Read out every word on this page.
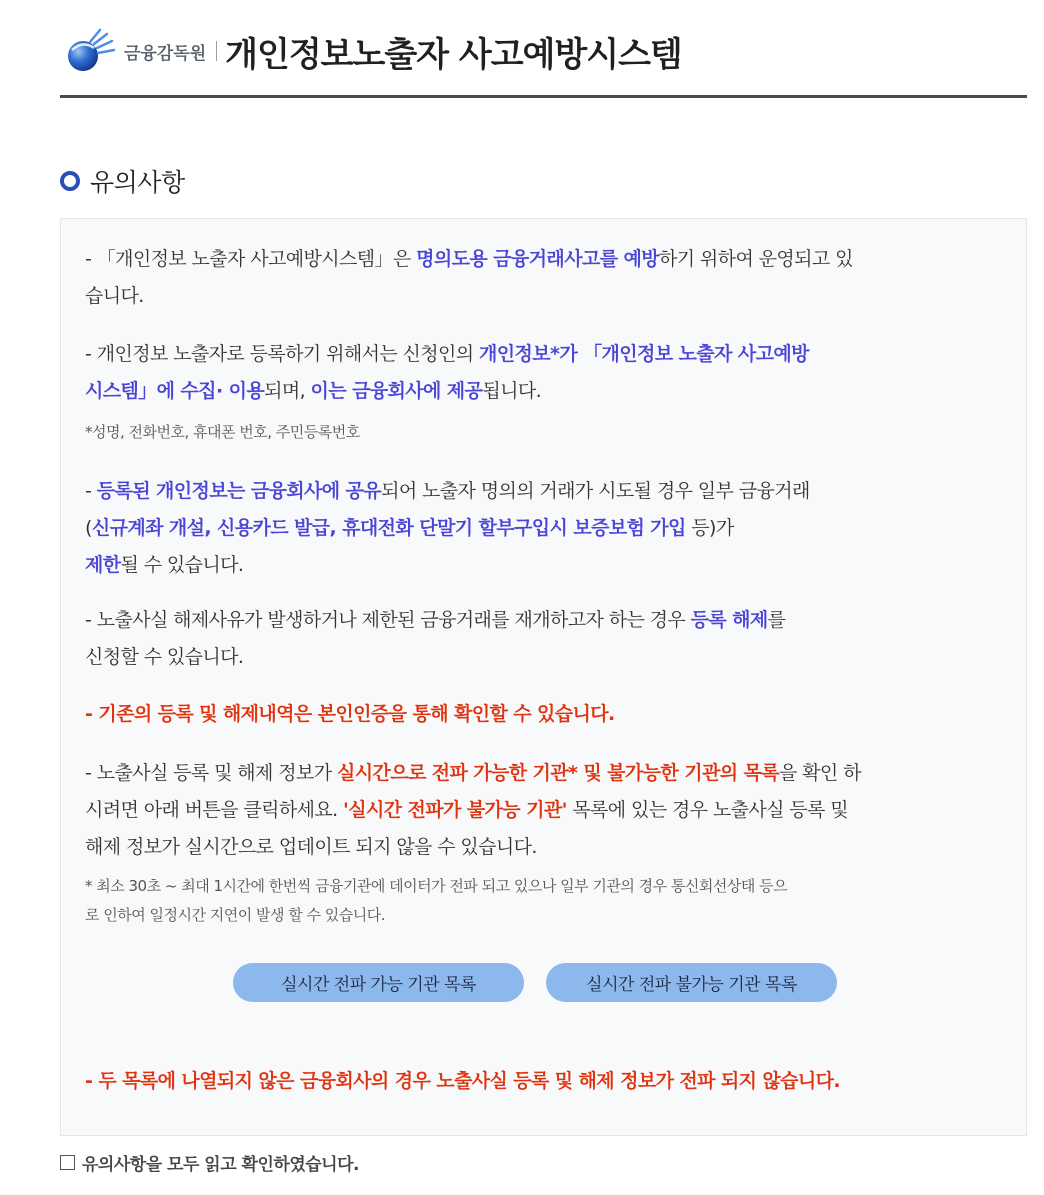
금융감독원 개인정보노출자 사고예방시스템
유의사항
- 「개인정보 노출자 사고예방시스템」은 명의도용 금융거래사고를 예방하기 위하여 운영되고 있
습니다.
- 개인정보 노출자로 등록하기 위해서는 신청인의 개인정보*가 「개인정보 노출자 사고예방
시스템」에 수집· 이용되며, 이는 금융회사에 제공됩니다.
*성명, 전화번호, 휴대폰 번호, 주민등록번호
- 등록된 개인정보는 금융회사에 공유되어 노출자 명의의 거래가 시도될 경우 일부 금융거래
(신규계좌 개설, 신용카드 발급, 휴대전화 단말기 할부구입시 보증보험 가입 등)가
제한될 수 있습니다.
- 노출사실 해제사유가 발생하거나 제한된 금융거래를 재개하고자 하는 경우 등록 해제를
신청할 수 있습니다.
- 기존의 등록 및 해제내역은 본인인증을 통해 확인할 수 있습니다.
- 노출사실 등록 및 해제 정보가 실시간으로 전파 가능한 기관* 및 불가능한 기관의 목록을 확인 하
시려면 아래 버튼을 클릭하세요. '실시간 전파가 불가능 기관' 목록에 있는 경우 노출사실 등록 및
해제 정보가 실시간으로 업데이트 되지 않을 수 있습니다.
* 최소 30초 ~ 최대 1시간에 한번씩 금융기관에 데이터가 전파 되고 있으나 일부 기관의 경우 통신회선상태 등으
로 인하여 일정시간 지연이 발생 할 수 있습니다.
실시간 전파 가능 기관 목록	실시간 전파 불가능 기관 목록
- 두 목록에 나열되지 않은 금융회사의 경우 노출사실 등록 및 해제 정보가 전파 되지 않습니다.
유의사항을 모두 읽고 확인하였습니다.
